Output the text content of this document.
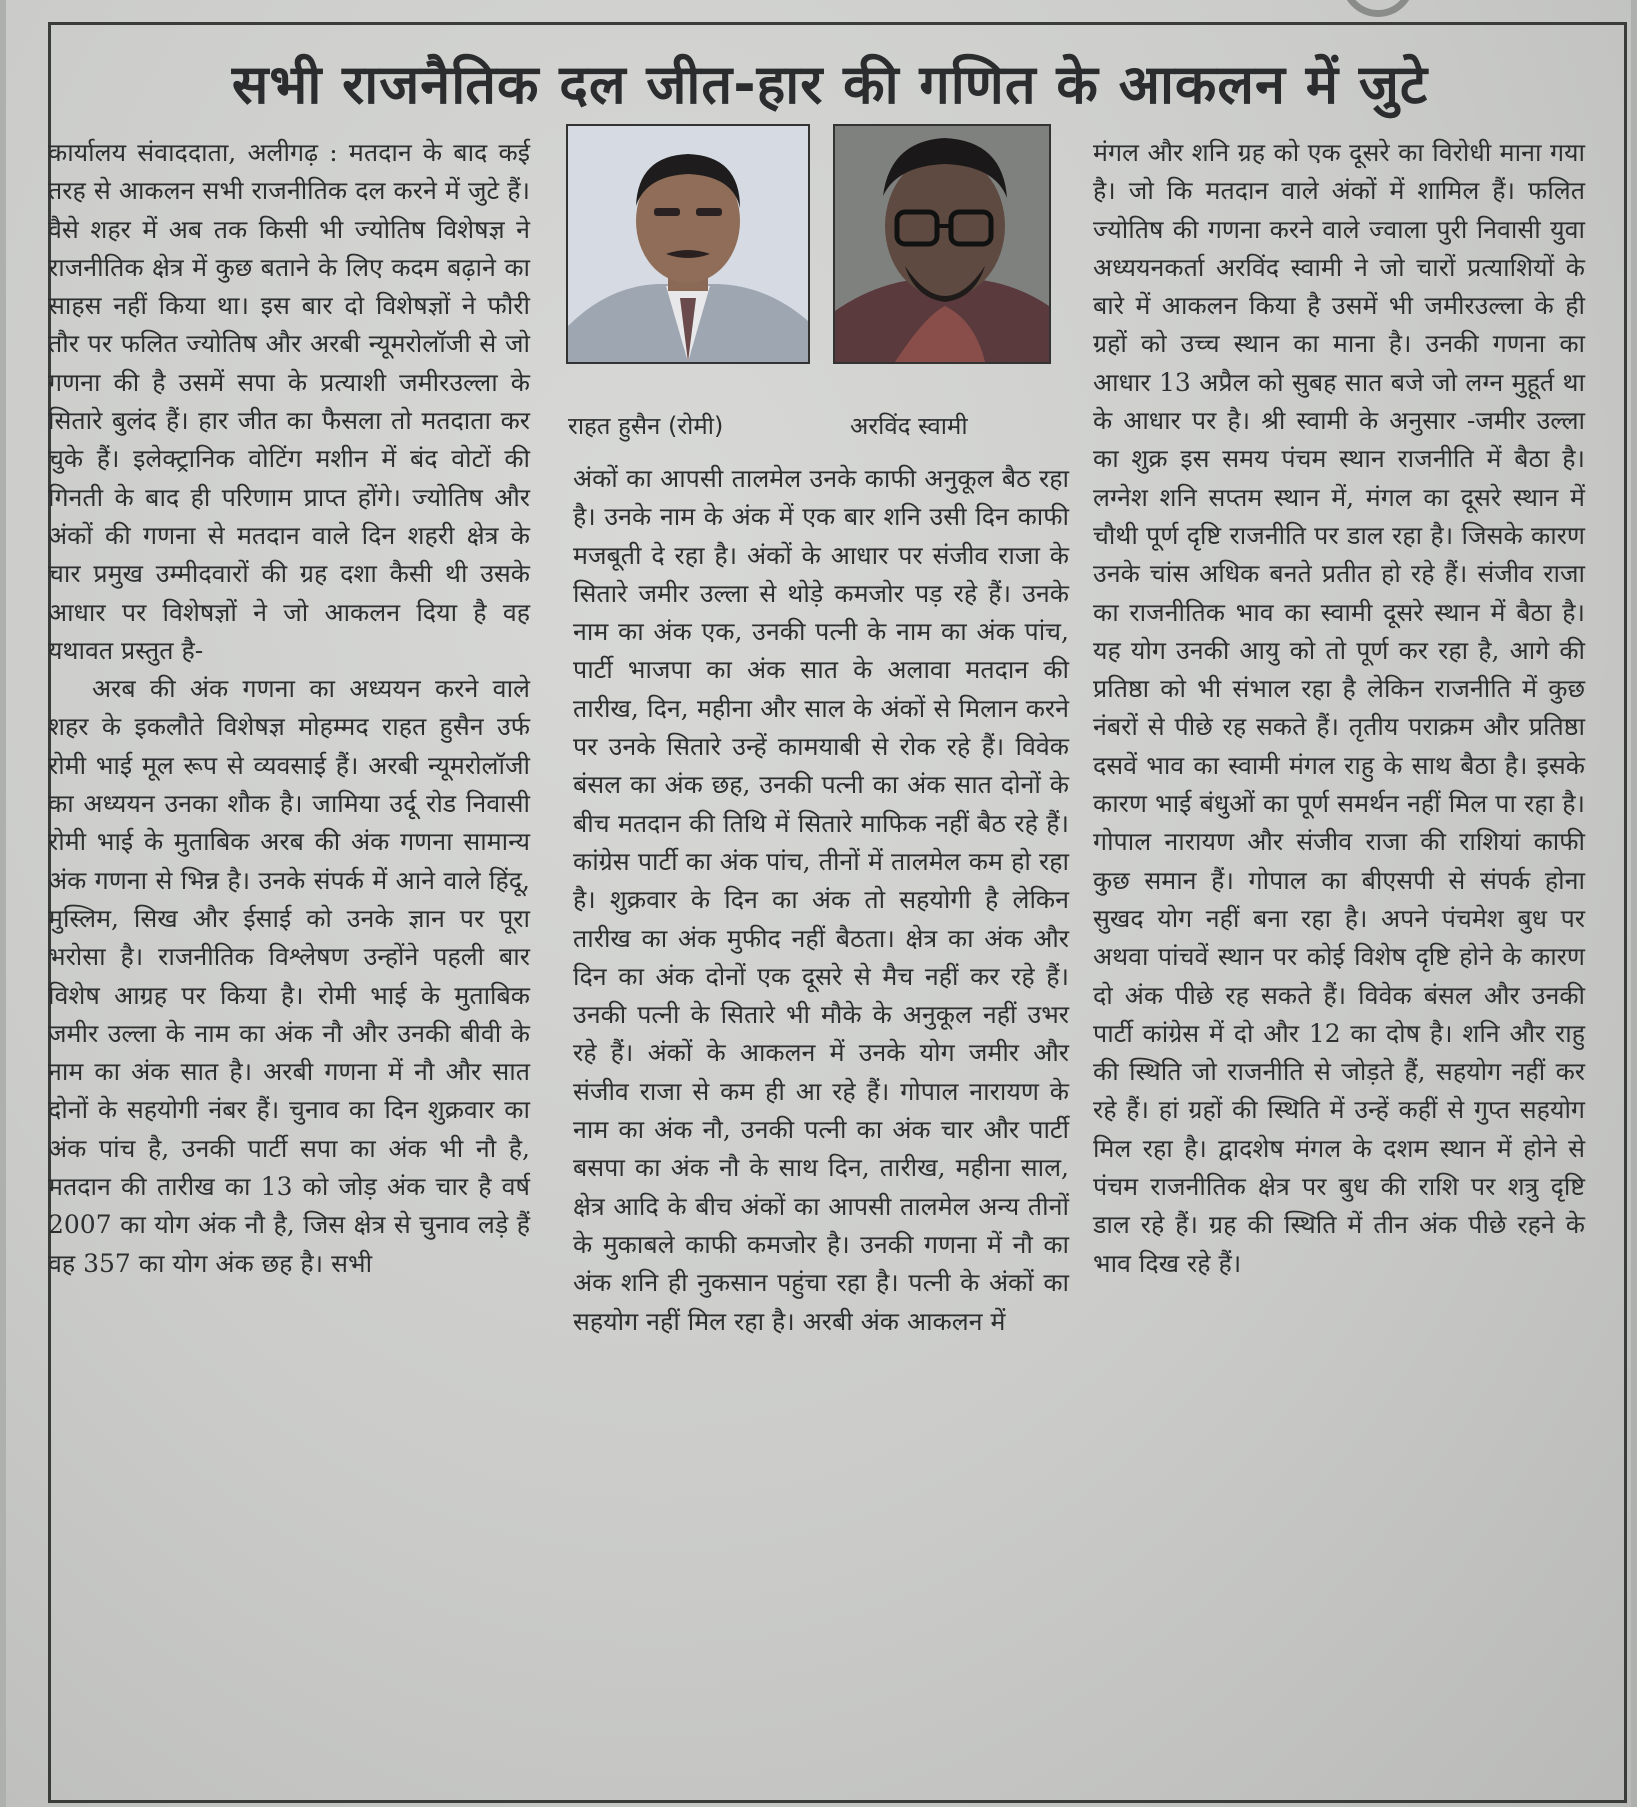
सभी राजनैतिक दल जीत-हार की गणित के आकलन में जुटे
राहत हुसैन (रोमी)	अरविंद स्वामी

कार्यालय संवाददाता, अलीगढ़ : मतदान के बाद कई तरह से आकलन सभी राजनीतिक दल करने में जुटे हैं। वैसे शहर में अब तक किसी भी ज्योतिष विशेषज्ञ ने राजनीतिक क्षेत्र में कुछ बताने के लिए कदम बढ़ाने का साहस नहीं किया था। इस बार दो विशेषज्ञों ने फौरी तौर पर फलित ज्योतिष और अरबी न्यूमरोलॉजी से जो गणना की है उसमें सपा के प्रत्याशी जमीरउल्ला के सितारे बुलंद हैं। हार जीत का फैसला तो मतदाता कर चुके हैं। इलेक्ट्रानिक वोटिंग मशीन में बंद वोटों की गिनती के बाद ही परिणाम प्राप्त होंगे। ज्योतिष और अंकों की गणना से मतदान वाले दिन शहरी क्षेत्र के चार प्रमुख उम्मीदवारों की ग्रह दशा कैसी थी उसके आधार पर विशेषज्ञों ने जो आकलन दिया है वह यथावत प्रस्तुत है-

अरब की अंक गणना का अध्ययन करने वाले शहर के इकलौते विशेषज्ञ मोहम्मद राहत हुसैन उर्फ रोमी भाई मूल रूप से व्यवसाई हैं। अरबी न्यूमरोलॉजी का अध्ययन उनका शौक है। जामिया उर्दू रोड निवासी रोमी भाई के मुताबिक अरब की अंक गणना सामान्य अंक गणना से भिन्न है। उनके संपर्क में आने वाले हिंदू, मुस्लिम, सिख और ईसाई को उनके ज्ञान पर पूरा भरोसा है। राजनीतिक विश्लेषण उन्होंने पहली बार विशेष आग्रह पर किया है। रोमी भाई के मुताबिक जमीर उल्ला के नाम का अंक नौ और उनकी बीवी के नाम का अंक सात है। अरबी गणना में नौ और सात दोनों के सहयोगी नंबर हैं। चुनाव का दिन शुक्रवार का अंक पांच है, उनकी पार्टी सपा का अंक भी नौ है, मतदान की तारीख का 13 को जोड़ अंक चार है वर्ष 2007 का योग अंक नौ है, जिस क्षेत्र से चुनाव लड़े हैं वह 357 का योग अंक छह है। सभी

अंकों का आपसी तालमेल उनके काफी अनुकूल बैठ रहा है। उनके नाम के अंक में एक बार शनि उसी दिन काफी मजबूती दे रहा है। अंकों के आधार पर संजीव राजा के सितारे जमीर उल्ला से थोड़े कमजोर पड़ रहे हैं। उनके नाम का अंक एक, उनकी पत्नी के नाम का अंक पांच, पार्टी भाजपा का अंक सात के अलावा मतदान की तारीख, दिन, महीना और साल के अंकों से मिलान करने पर उनके सितारे उन्हें कामयाबी से रोक रहे हैं। विवेक बंसल का अंक छह, उनकी पत्नी का अंक सात दोनों के बीच मतदान की तिथि में सितारे माफिक नहीं बैठ रहे हैं। कांग्रेस पार्टी का अंक पांच, तीनों में तालमेल कम हो रहा है। शुक्रवार के दिन का अंक तो सहयोगी है लेकिन तारीख का अंक मुफीद नहीं बैठता। क्षेत्र का अंक और दिन का अंक दोनों एक दूसरे से मैच नहीं कर रहे हैं। उनकी पत्नी के सितारे भी मौके के अनुकूल नहीं उभर रहे हैं। अंकों के आकलन में उनके योग जमीर और संजीव राजा से कम ही आ रहे हैं। गोपाल नारायण के नाम का अंक नौ, उनकी पत्नी का अंक चार और पार्टी बसपा का अंक नौ के साथ दिन, तारीख, महीना साल, क्षेत्र आदि के बीच अंकों का आपसी तालमेल अन्य तीनों के मुकाबले काफी कमजोर है। उनकी गणना में नौ का अंक शनि ही नुकसान पहुंचा रहा है। पत्नी के अंकों का सहयोग नहीं मिल रहा है। अरबी अंक आकलन में

मंगल और शनि ग्रह को एक दूसरे का विरोधी माना गया है। जो कि मतदान वाले अंकों में शामिल हैं। फलित ज्योतिष की गणना करने वाले ज्वाला पुरी निवासी युवा अध्ययनकर्ता अरविंद स्वामी ने जो चारों प्रत्याशियों के बारे में आकलन किया है उसमें भी जमीरउल्ला के ही ग्रहों को उच्च स्थान का माना है। उनकी गणना का आधार 13 अप्रैल को सुबह सात बजे जो लग्न मुहूर्त था के आधार पर है। श्री स्वामी के अनुसार -जमीर उल्ला का शुक्र इस समय पंचम स्थान राजनीति में बैठा है। लग्नेश शनि सप्तम स्थान में, मंगल का दूसरे स्थान में चौथी पूर्ण दृष्टि राजनीति पर डाल रहा है। जिसके कारण उनके चांस अधिक बनते प्रतीत हो रहे हैं। संजीव राजा का राजनीतिक भाव का स्वामी दूसरे स्थान में बैठा है। यह योग उनकी आयु को तो पूर्ण कर रहा है, आगे की प्रतिष्ठा को भी संभाल रहा है लेकिन राजनीति में कुछ नंबरों से पीछे रह सकते हैं। तृतीय पराक्रम और प्रतिष्ठा दसवें भाव का स्वामी मंगल राहु के साथ बैठा है। इसके कारण भाई बंधुओं का पूर्ण समर्थन नहीं मिल पा रहा है। गोपाल नारायण और संजीव राजा की राशियां काफी कुछ समान हैं। गोपाल का बीएसपी से संपर्क होना सुखद योग नहीं बना रहा है। अपने पंचमेश बुध पर अथवा पांचवें स्थान पर कोई विशेष दृष्टि होने के कारण दो अंक पीछे रह सकते हैं। विवेक बंसल और उनकी पार्टी कांग्रेस में दो और 12 का दोष है। शनि और राहु की स्थिति जो राजनीति से जोड़ते हैं, सहयोग नहीं कर रहे हैं। हां ग्रहों की स्थिति में उन्हें कहीं से गुप्त सहयोग मिल रहा है। द्वादशेष मंगल के दशम स्थान में होने से पंचम राजनीतिक क्षेत्र पर बुध की राशि पर शत्रु दृष्टि डाल रहे हैं। ग्रह की स्थिति में तीन अंक पीछे रहने के भाव दिख रहे हैं।
